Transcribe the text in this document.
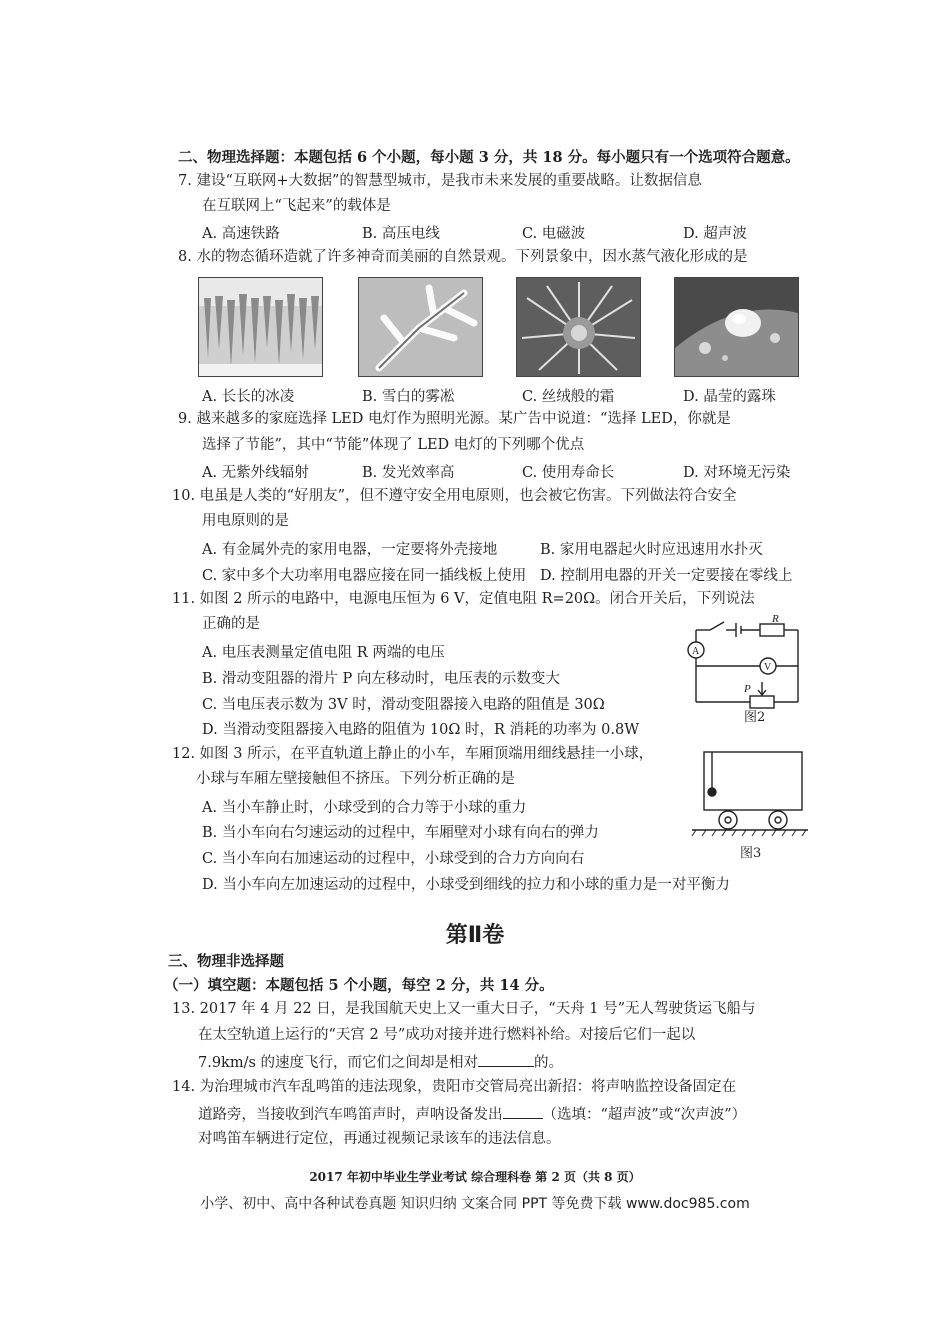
二、物理选择题：本题包括 6 个小题，每小题 3 分，共 18 分。每小题只有一个选项符合题意。
7. 建设“互联网+大数据”的智慧型城市，是我市未来发展的重要战略。让数据信息
在互联网上“飞起来”的载体是
A. 高速铁路	B. 高压电线	C. 电磁波	D. 超声波
8. 水的物态循环造就了许多神奇而美丽的自然景观。下列景象中，因水蒸气液化形成的是
A. 长长的冰凌	B. 雪白的雾凇	C. 丝绒般的霜	D. 晶莹的露珠
9. 越来越多的家庭选择 LED 电灯作为照明光源。某广告中说道：“选择 LED，你就是
选择了节能”，其中“节能”体现了 LED 电灯的下列哪个优点
A. 无紫外线辐射	B. 发光效率高	C. 使用寿命长	D. 对环境无污染
10. 电虽是人类的“好朋友”，但不遵守安全用电原则，也会被它伤害。下列做法符合安全
用电原则的是
A. 有金属外壳的家用电器，一定要将外壳接地	B. 家用电器起火时应迅速用水扑灭
C. 家中多个大功率用电器应接在同一插线板上使用 D. 控制用电器的开关一定要接在零线上
11. 如图 2 所示的电路中，电源电压恒为 6 V，定值电阻 R=20Ω。闭合开关后，下列说法
正确的是
A. 电压表测量定值电阻 R 两端的电压
B. 滑动变阻器的滑片 P 向左移动时，电压表的示数变大
C. 当电压表示数为 3V 时，滑动变阻器接入电路的阻值是 30Ω
D. 当滑动变阻器接入电路的阻值为 10Ω 时，R 消耗的功率为 0.8W
R
A
V
P
图2
12. 如图 3 所示，在平直轨道上静止的小车，车厢顶端用细线悬挂一小球，
小球与车厢左壁接触但不挤压。下列分析正确的是
A. 当小车静止时，小球受到的合力等于小球的重力
B. 当小车向右匀速运动的过程中，车厢壁对小球有向右的弹力
C. 当小车向右加速运动的过程中，小球受到的合力方向向右
D. 当小车向左加速运动的过程中，小球受到细线的拉力和小球的重力是一对平衡力
图3
第Ⅱ卷
三、物理非选择题
（一）填空题：本题包括 5 个小题，每空 2 分，共 14 分。
13. 2017 年 4 月 22 日，是我国航天史上又一重大日子，“天舟 1 号”无人驾驶货运飞船与
在太空轨道上运行的“天宫 2 号”成功对接并进行燃料补给。对接后它们一起以
7.9km/s 的速度飞行，而它们之间却是相对	的。
14. 为治理城市汽车乱鸣笛的违法现象，贵阳市交管局亮出新招：将声呐监控设备固定在
道路旁，当接收到汽车鸣笛声时，声呐设备发出	（选填：“超声波”或“次声波”）
对鸣笛车辆进行定位，再通过视频记录该车的违法信息。
2017 年初中毕业生学业考试 综合理科卷 第 2 页（共 8 页）
小学、初中、高中各种试卷真题 知识归纳 文案合同 PPT 等免费下载 www.doc985.com
